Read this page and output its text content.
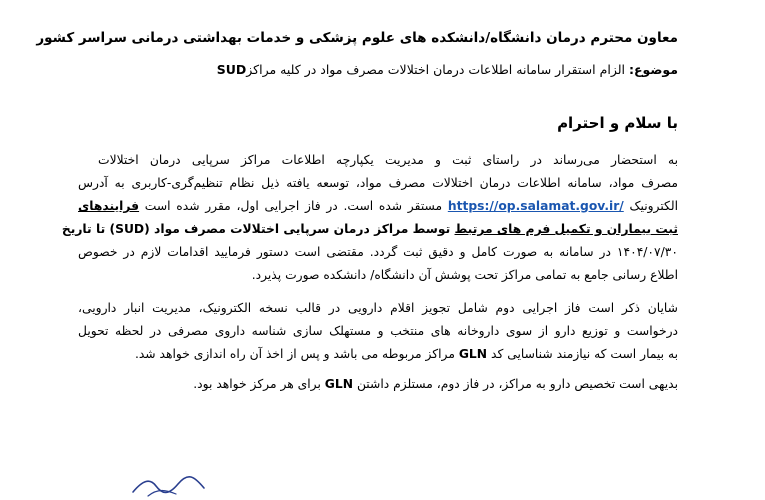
معاون محترم درمان دانشگاه/دانشکده های علوم پزشکی و خدمات بهداشتی درمانی سراسر کشور
موضوع: الزام استقرار سامانه اطلاعات درمان اختلالات مصرف مواد در کلیه مراکزSUD
با سلام و احترام
به استحضار می‌رساند در راستای ثبت و مدیریت یکپارچه اطلاعات مراکز سرپایی درمان اختلالات
مصرف مواد، سامانه اطلاعات درمان اختلالات مصرف مواد، توسعه یافته ذیل نظام تنظیم‌گری-کاربری به آدرس
الکترونیک https://op.salamat.gov.ir/ مستقر شده است. در فاز اجرایی اول، مقرر شده است فرایندهای
ثبت بیماران و تکمیل فرم های مرتبط توسط مراکز درمان سرپایی اختلالات مصرف مواد (SUD) تا تاریخ
۱۴۰۴/۰۷/۳۰ در سامانه به صورت کامل و دقیق ثبت گردد. مقتضی است دستور فرمایید اقدامات لازم در خصوص
اطلاع رسانی جامع به تمامی مراکز تحت پوشش آن دانشگاه/ دانشکده صورت پذیرد.
شایان ذکر است فاز اجرایی دوم شامل تجویز اقلام دارویی در قالب نسخه الکترونیک، مدیریت انبار دارویی،
درخواست و توزیع دارو از سوی داروخانه های منتخب و مستهلک سازی شناسه داروی مصرفی در لحظه تحویل
به بیمار است که نیازمند شناسایی کد GLN مراکز مربوطه می باشد و پس از اخذ آن راه اندازی خواهد شد.
بدیهی است تخصیص دارو به مراکز، در فاز دوم، مستلزم داشتن GLN برای هر مرکز خواهد بود.
